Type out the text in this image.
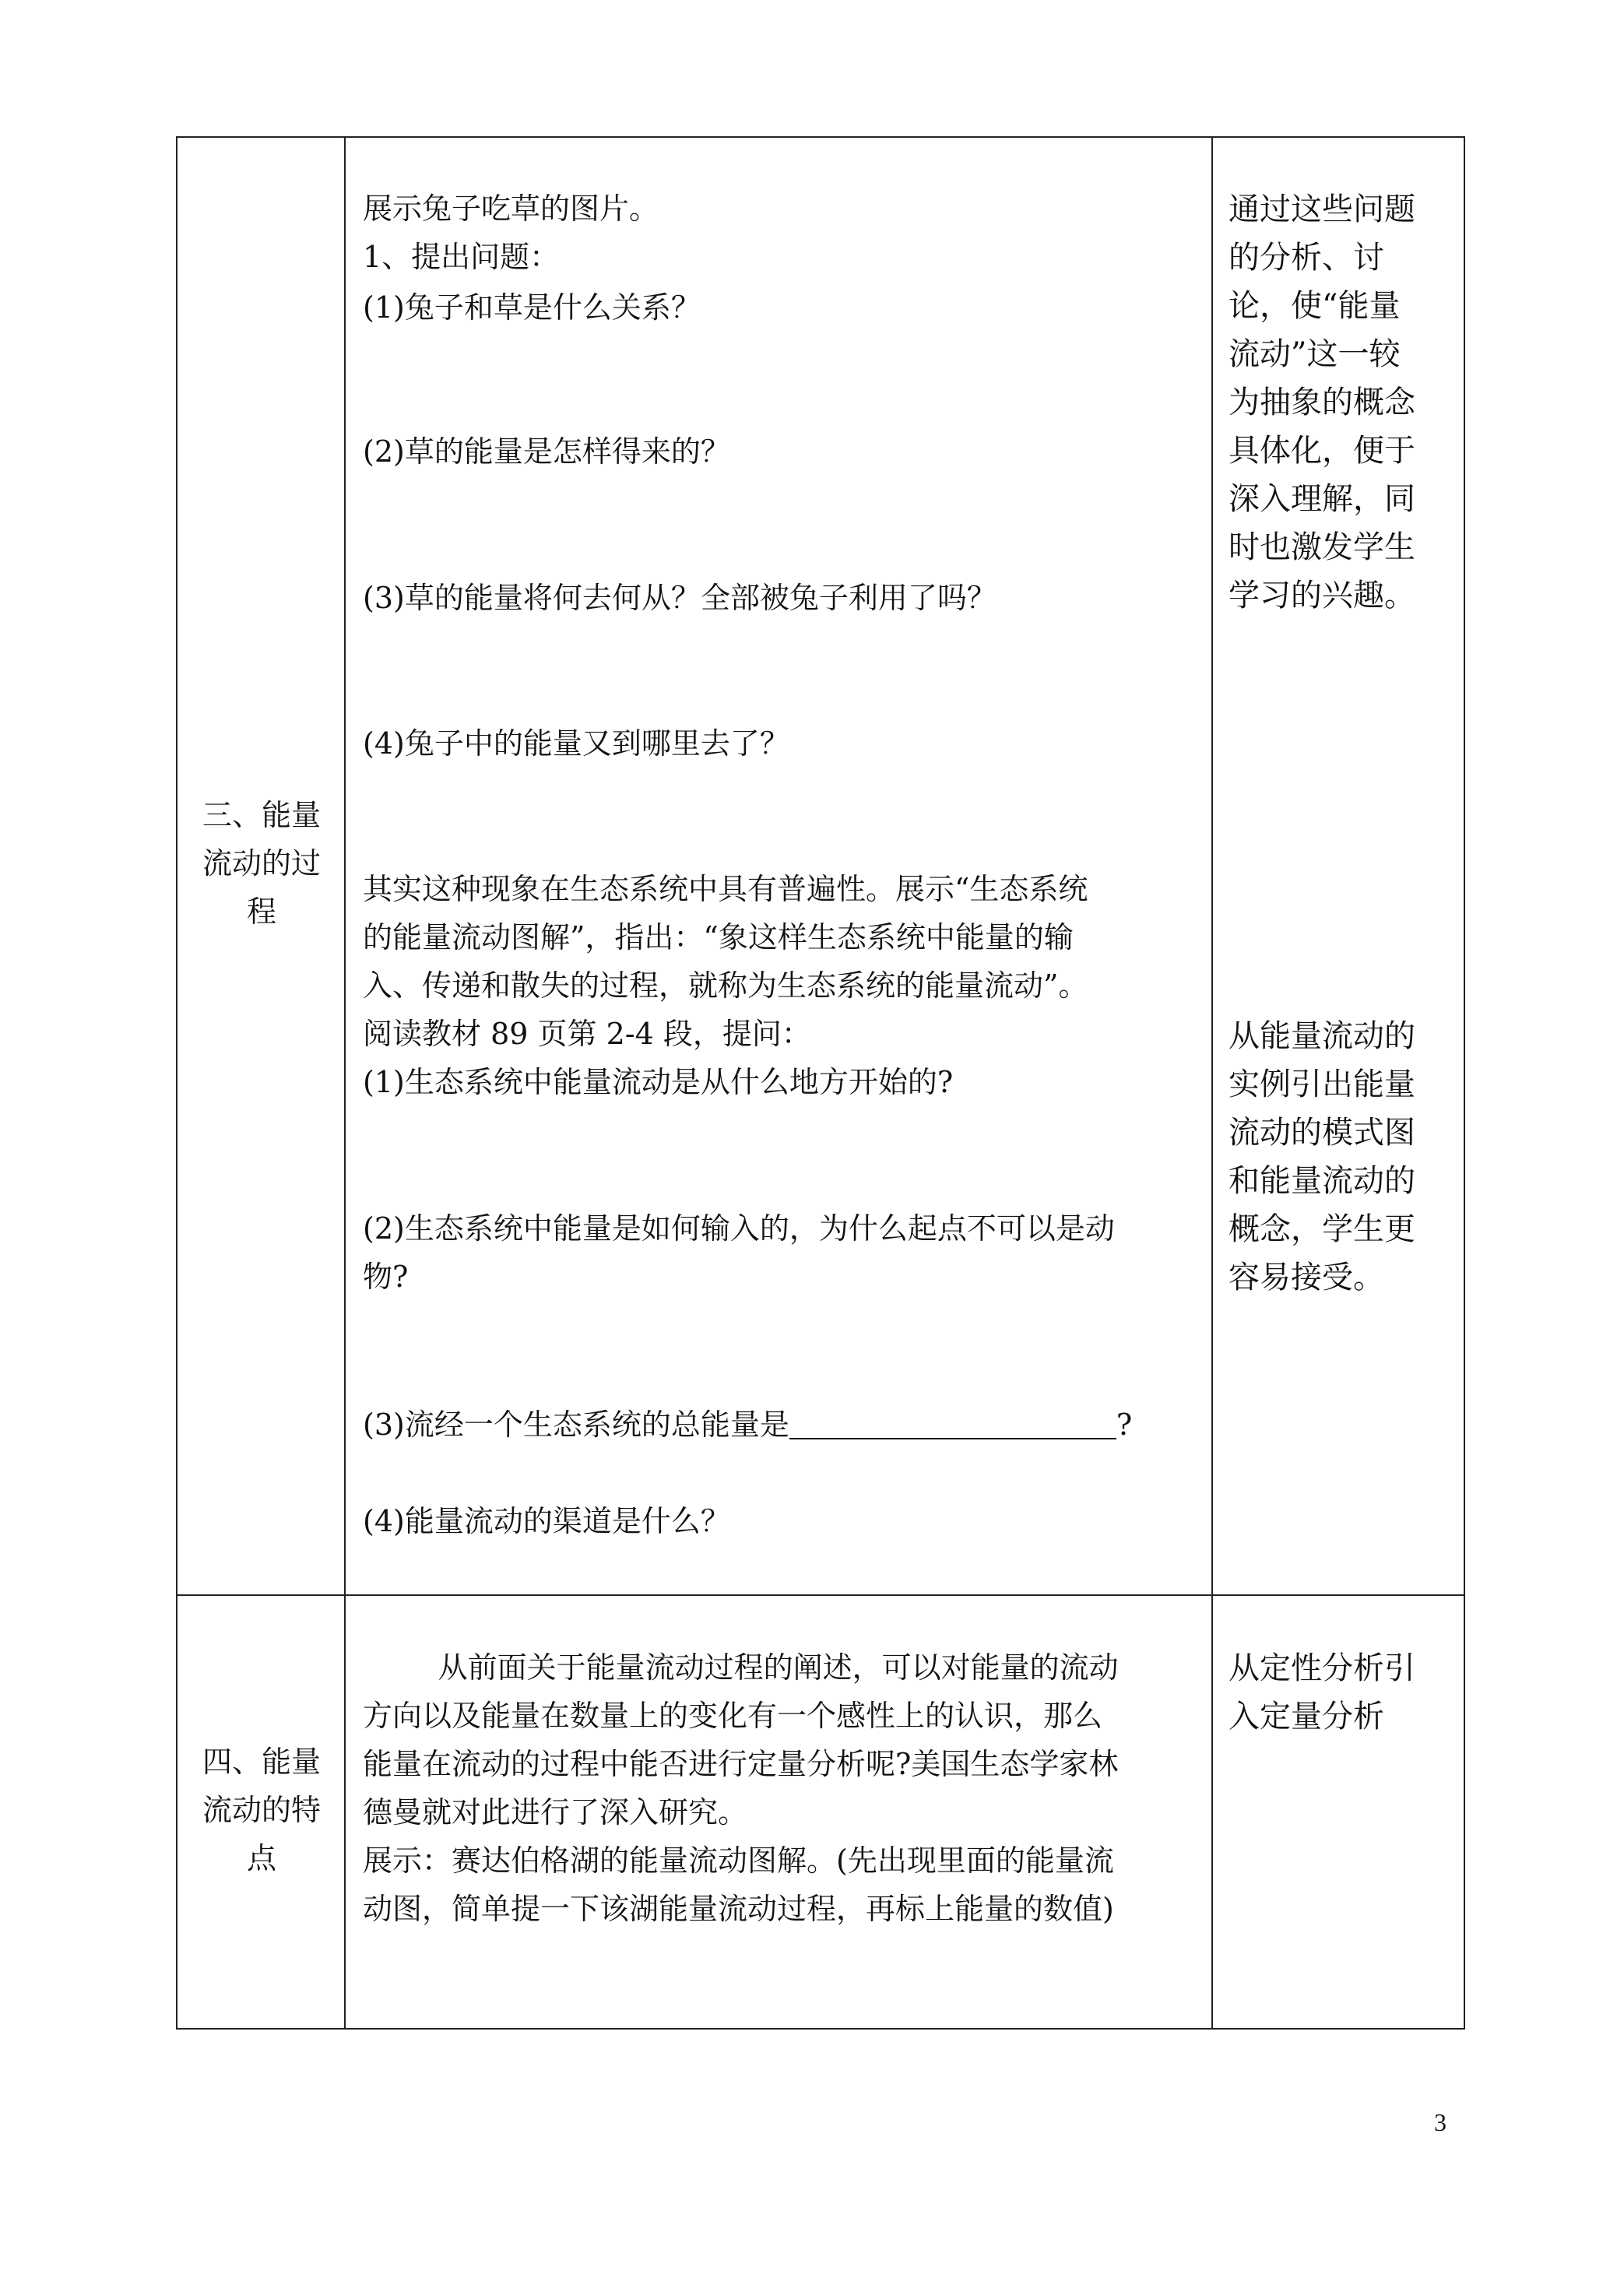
三、能量
流动的过
程
展示兔子吃草的图片。
1、提出问题：
(1)兔子和草是什么关系？
(2)草的能量是怎样得来的？
(3)草的能量将何去何从？全部被兔子利用了吗？
(4)兔子中的能量又到哪里去了？
其实这种现象在生态系统中具有普遍性。展示“生态系统
的能量流动图解”，指出：“象这样生态系统中能量的输
入、传递和散失的过程，就称为生态系统的能量流动”。
阅读教材 89 页第 2-4 段，提问：
(1)生态系统中能量流动是从什么地方开始的?
(2)生态系统中能量是如何输入的，为什么起点不可以是动
物?
(3)流经一个生态系统的总能量是	?
(4)能量流动的渠道是什么？
通过这些问题
的分析、讨
论，使“能量
流动”这一较
为抽象的概念
具体化，便于
深入理解，同
时也激发学生
学习的兴趣。
从能量流动的
实例引出能量
流动的模式图
和能量流动的
概念，学生更
容易接受。
四、能量
流动的特
点
从前面关于能量流动过程的阐述，可以对能量的流动
方向以及能量在数量上的变化有一个感性上的认识，那么
能量在流动的过程中能否进行定量分析呢?美国生态学家林
德曼就对此进行了深入研究。
展示：赛达伯格湖的能量流动图解。(先出现里面的能量流
动图，简单提一下该湖能量流动过程，再标上能量的数值)
从定性分析引
入定量分析
3
